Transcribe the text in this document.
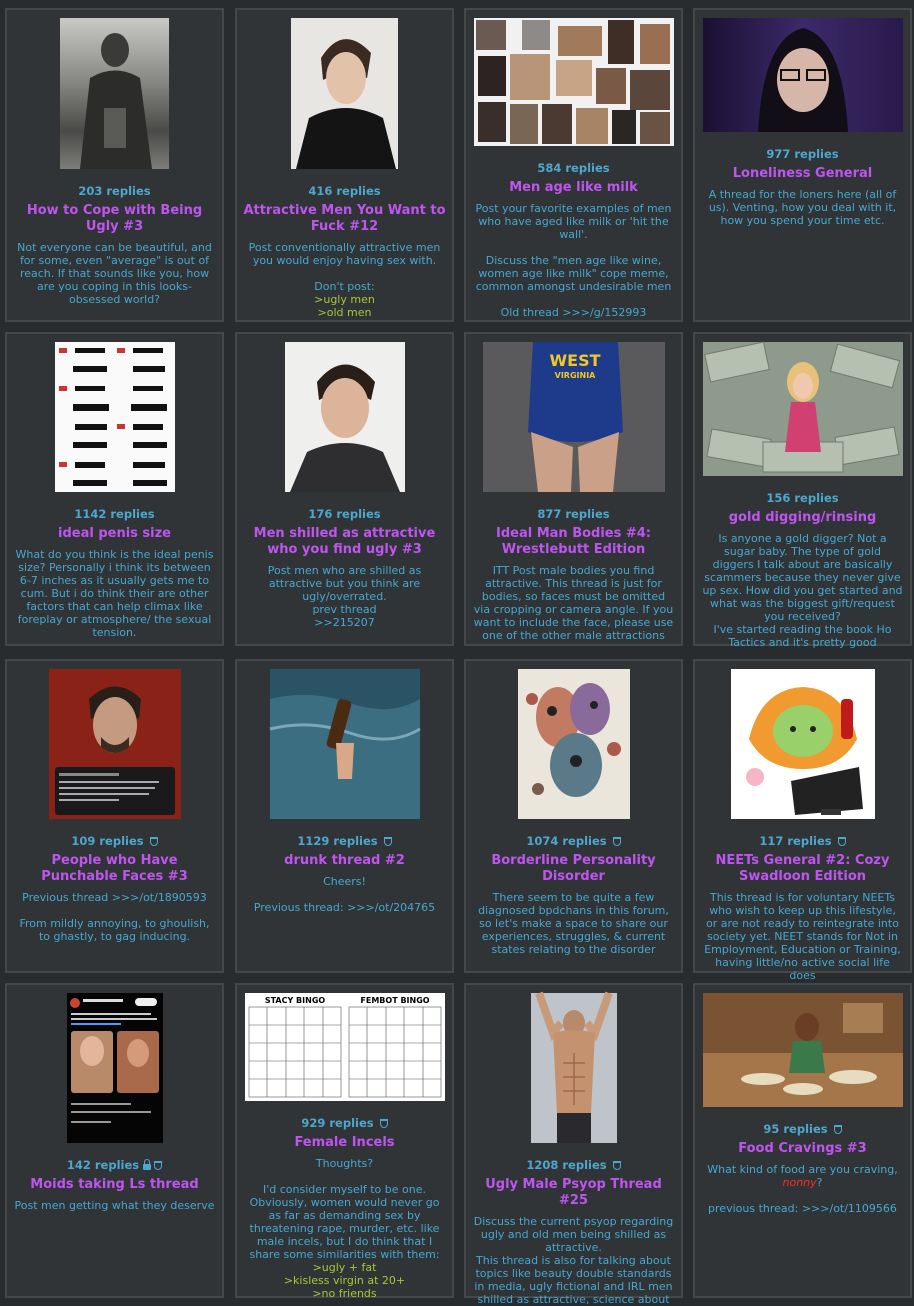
203 replies
How to Cope with Being Ugly #3
Not everyone can be beautiful, and for some, even "average" is out of reach. If that sounds like you, how are you coping in this looks-obsessed world?
416 replies
Attractive Men You Want to Fuck #12
Post conventionally attractive men you would enjoy having sex with.

Don't post:
>ugly men
>old men
584 replies
Men age like milk
Post your favorite examples of men who have aged like milk or 'hit the wall'.

Discuss the "men age like wine, women age like milk" cope meme, common amongst undesirable men

Old thread >>>/g/152993
977 replies
Loneliness General
A thread for the loners here (all of us). Venting, how you deal with it, how you spend your time etc.
1142 replies
ideal penis size
What do you think is the ideal penis size? Personally i think its between 6-7 inches as it usually gets me to cum. But i do think their are other factors that can help climax like foreplay or atmosphere/ the sexual tension.
176 replies
Men shilled as attractive who you find ugly #3
Post men who are shilled as attractive but you think are ugly/overrated.
prev thread
>>215207
WEST
VIRGINIA
877 replies
Ideal Man Bodies #4: Wrestlebutt Edition
ITT Post male bodies you find attractive. This thread is just for bodies, so faces must be omitted via cropping or camera angle. If you want to include the face, please use one of the other male attractions
156 replies
gold digging/rinsing
Is anyone a gold digger? Not a sugar baby. The type of gold diggers I talk about are basically scammers because they never give up sex. How did you get started and what was the biggest gift/request you received?
I've started reading the book Ho Tactics and it's pretty good
109 replies
People who Have Punchable Faces #3
Previous thread >>>/ot/1890593

From mildly annoying, to ghoulish, to ghastly, to gag inducing.
1129 replies
drunk thread #2
Cheers!

Previous thread: >>>/ot/204765
1074 replies
Borderline Personality Disorder
There seem to be quite a few diagnosed bpdchans in this forum, so let's make a space to share our experiences, struggles, & current states relating to the disorder
117 replies
NEETs General #2: Cozy Swadloon Edition
This thread is for voluntary NEETs who wish to keep up this lifestyle, or are not ready to reintegrate into society yet. NEET stands for Not in Employment, Education or Training, having little/no active social life does
142 replies
Moids taking Ls thread
Post men getting what they deserve
STACY BINGO	FEMBOT BINGO
929 replies
Female Incels
Thoughts?

I'd consider myself to be one. Obviously, women would never go as far as demanding sex by threatening rape, murder, etc. like male incels, but I do think that I share some similarities with them:
>ugly + fat
>kisless virgin at 20+
>no friends
1208 replies
Ugly Male Psyop Thread #25
Discuss the current psyop regarding ugly and old men being shilled as attractive.
This thread is also for talking about topics like beauty double standards in media, ugly fictional and IRL men shilled as attractive, science about
95 replies
Food Cravings #3
What kind of food are you craving, nonny?

previous thread: >>>/ot/1109566
